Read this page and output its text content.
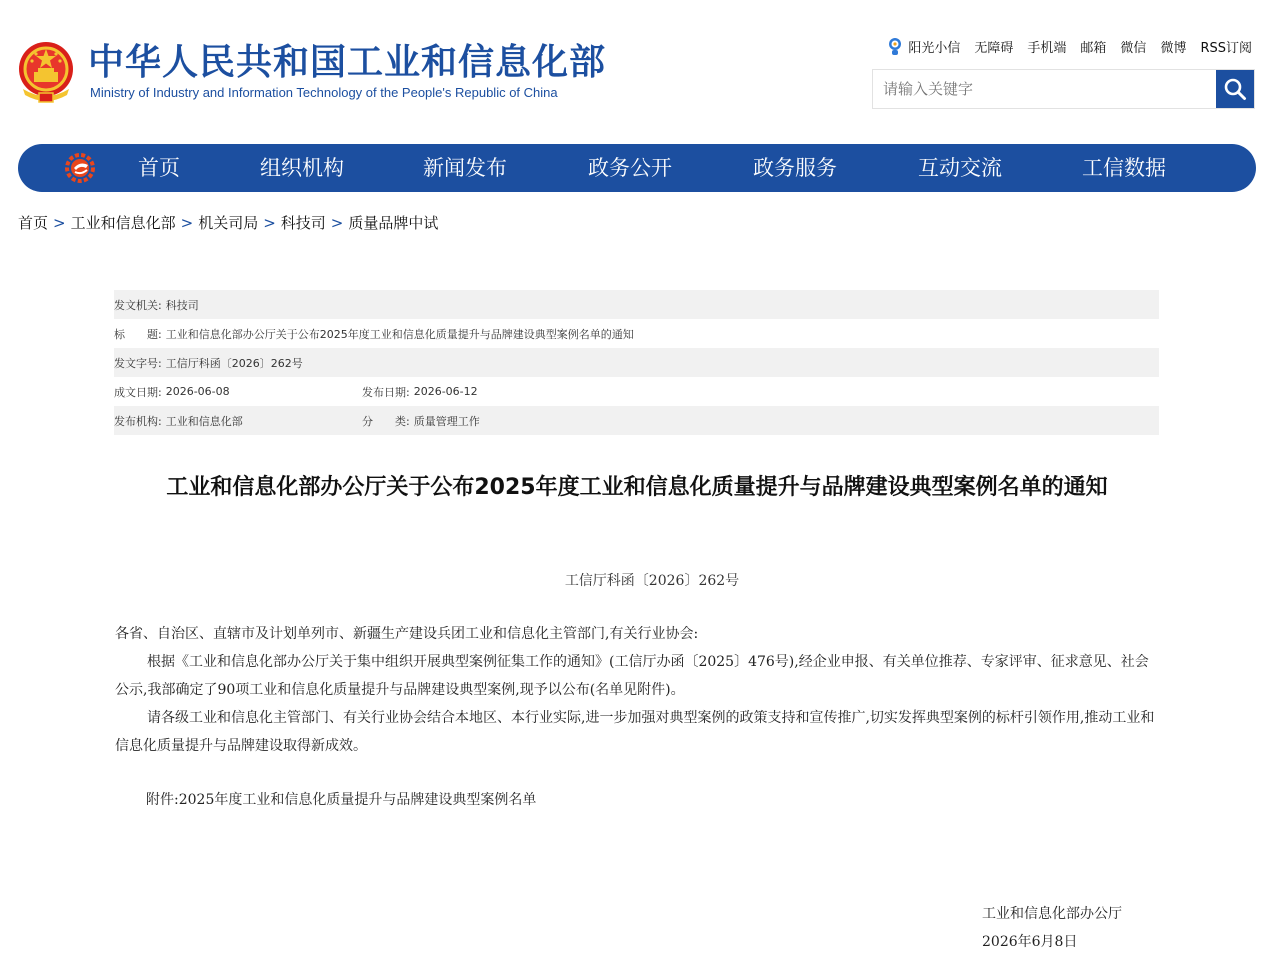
中华人民共和国工业和信息化部
Ministry of Industry and Information Technology of the People's Republic of China
阳光小信 无障碍 手机端 邮箱 微信 微博 RSS订阅
请输入关键字
首页	组织机构	新闻发布	政务公开	政务服务	互动交流	工信数据
首页 > 工业和信息化部 > 机关司局 > 科技司 > 质量品牌中试
发文机关: 科技司
标　　题: 工业和信息化部办公厅关于公布2025年度工业和信息化质量提升与品牌建设典型案例名单的通知
发文字号: 工信厅科函〔2026〕262号
成文日期: 2026-06-08	发布日期: 2026-06-12
发布机构: 工业和信息化部	分　　类: 质量管理工作
工业和信息化部办公厅关于公布2025年度工业和信息化质量提升与品牌建设典型案例名单的通知
工信厅科函〔2026〕262号

各省、自治区、直辖市及计划单列市、新疆生产建设兵团工业和信息化主管部门,有关行业协会:

根据《工业和信息化部办公厅关于集中组织开展典型案例征集工作的通知》(工信厅办函〔2025〕476号),经企业申报、有关单位推荐、专家评审、征求意见、社会公示,我部确定了90项工业和信息化质量提升与品牌建设典型案例,现予以公布(名单见附件)。

请各级工业和信息化主管部门、有关行业协会结合本地区、本行业实际,进一步加强对典型案例的政策支持和宣传推广,切实发挥典型案例的标杆引领作用,推动工业和信息化质量提升与品牌建设取得新成效。

附件:2025年度工业和信息化质量提升与品牌建设典型案例名单
工业和信息化部办公厅
2026年6月8日
